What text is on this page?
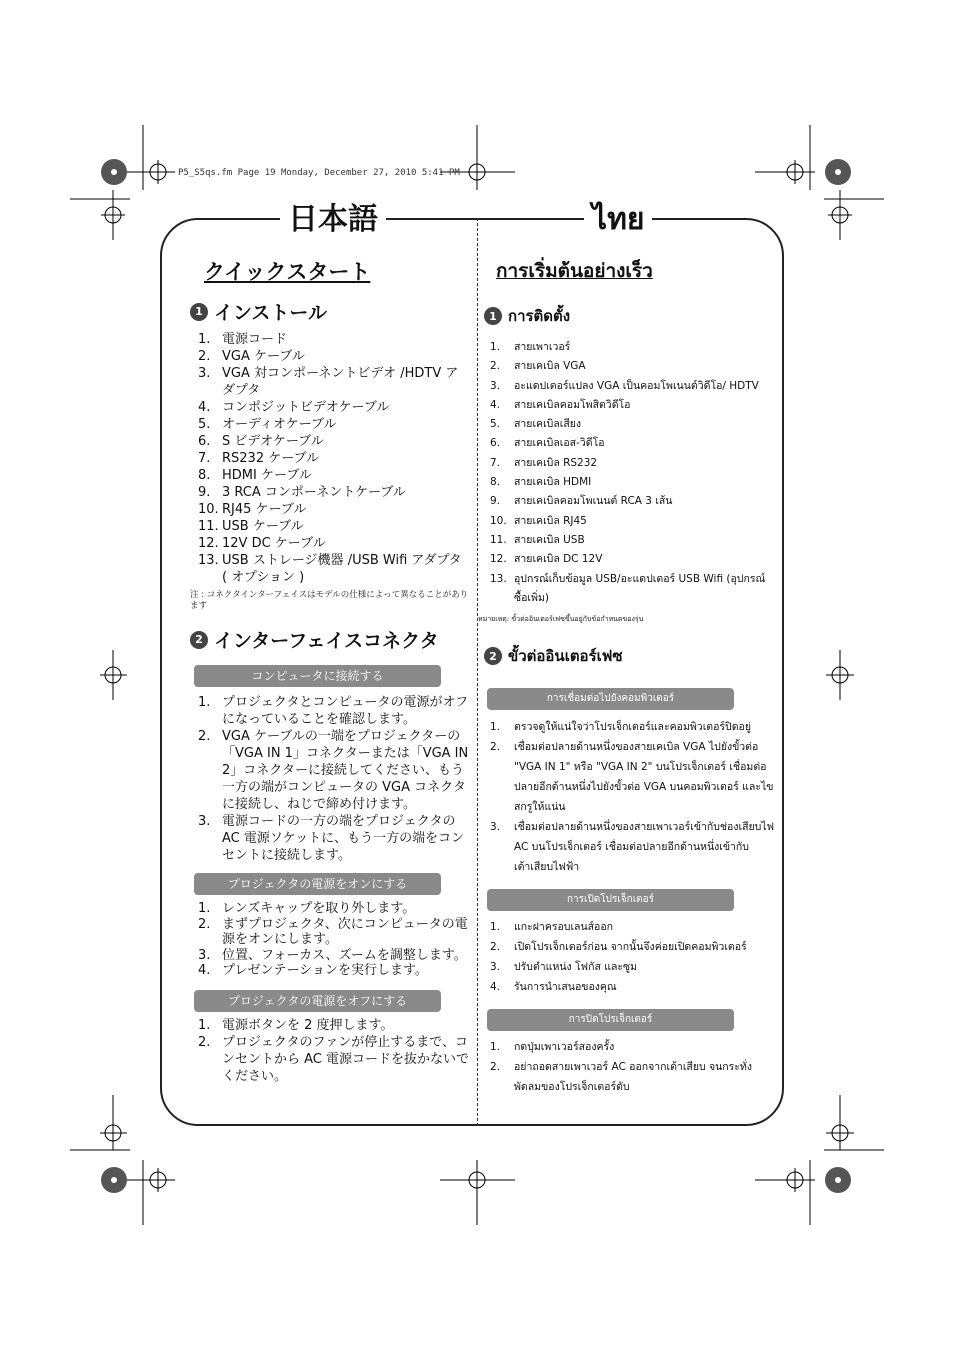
P5_S5qs.fm Page 19 Monday, December 27, 2010 5:41 PM
日本語	ไทย
クイックスタート
1 インストール
1. 電源コード
2. VGA ケーブル
3. VGA 対コンポーネントビデオ /HDTV アダプタ
4. コンポジットビデオケーブル
5. オーディオケーブル
6. S ビデオケーブル
7. RS232 ケーブル
8. HDMI ケーブル
9. 3 RCA コンポーネントケーブル
10. RJ45 ケーブル
11. USB ケーブル
12. 12V DC ケーブル
13. USB ストレージ機器 /USB Wifi アダプタ ( オプション )
注 : コネクタインターフェイスはモデルの仕様によって異なることがあります
2 インターフェイスコネクタ
コンピュータに接続する
1. プロジェクタとコンピュータの電源がオフになっていることを確認します。
2. VGA ケーブルの一端をプロジェクターの「VGA IN 1」コネクターまたは「VGA IN 2」コネクターに接続してください、もう一方の端がコンピュータの VGA コネクタに接続し、ねじで締め付けます。
3. 電源コードの一方の端をプロジェクタの AC 電源ソケットに、もう一方の端をコンセントに接続します。
プロジェクタの電源をオンにする
1. レンズキャップを取り外します。
2. まずプロジェクタ、次にコンピュータの電源をオンにします。
3. 位置、フォーカス、ズームを調整します。
4. プレゼンテーションを実行します。
プロジェクタの電源をオフにする
1. 電源ボタンを 2 度押します。
2. プロジェクタのファンが停止するまで、コンセントから AC 電源コードを抜かないでください。
การเริ่มต้นอย่างเร็ว
1 การติดตั้ง
1.	สายเพาเวอร์
2.	สายเคเบิล VGA
3.	อะแดปเตอร์แปลง VGA เป็นคอมโพเนนต์วิดีโอ/ HDTV
4.	สายเคเบิลคอมโพสิตวิดีโอ
5.	สายเคเบิลเสียง
6.	สายเคเบิลเอส-วิดีโอ
7.	สายเคเบิล RS232
8.	สายเคเบิล HDMI
9.	สายเคเบิลคอมโพเนนต์ RCA 3 เส้น
10. สายเคเบิล RJ45
11. สายเคเบิล USB
12. สายเคเบิล DC 12V
13. อุปกรณ์เก็บข้อมูล USB/อะแดปเตอร์ USB Wifi (อุปกรณ์ซื้อเพิ่ม)
หมายเหตุ: ขั้วต่ออินเตอร์เฟซขึ้นอยู่กับข้อกำหนดของรุ่น
2 ขั้วต่ออินเตอร์เฟซ
การเชื่อมต่อไปยังคอมพิวเตอร์
1.	ตรวจดูให้แน่ใจว่าโปรเจ็กเตอร์และคอมพิวเตอร์ปิดอยู่
2.	เชื่อมต่อปลายด้านหนึ่งของสายเคเบิล VGA ไปยังขั้วต่อ "VGA IN 1" หรือ "VGA IN 2" บนโปรเจ็กเตอร์ เชื่อมต่อปลายอีกด้านหนึ่งไปยังขั้วต่อ VGA บนคอมพิวเตอร์ และไขสกรูให้แน่น
3.	เชื่อมต่อปลายด้านหนึ่งของสายเพาเวอร์เข้ากับช่องเสียบไฟ AC บนโปรเจ็กเตอร์ เชื่อมต่อปลายอีกด้านหนึ่งเข้ากับ เต้าเสียบไฟฟ้า
การเปิดโปรเจ็กเตอร์
1.	แกะฝาครอบเลนส์ออก
2.	เปิดโปรเจ็กเตอร์ก่อน จากนั้นจึงค่อยเปิดคอมพิวเตอร์
3.	ปรับตำแหน่ง โฟกัส และซูม
4.	รันการนำเสนอของคุณ
การปิดโปรเจ็กเตอร์
1.	กดปุ่มเพาเวอร์สองครั้ง
2.	อย่าถอดสายเพาเวอร์ AC ออกจากเต้าเสียบ จนกระทั่ง พัดลมของโปรเจ็กเตอร์ดับ
